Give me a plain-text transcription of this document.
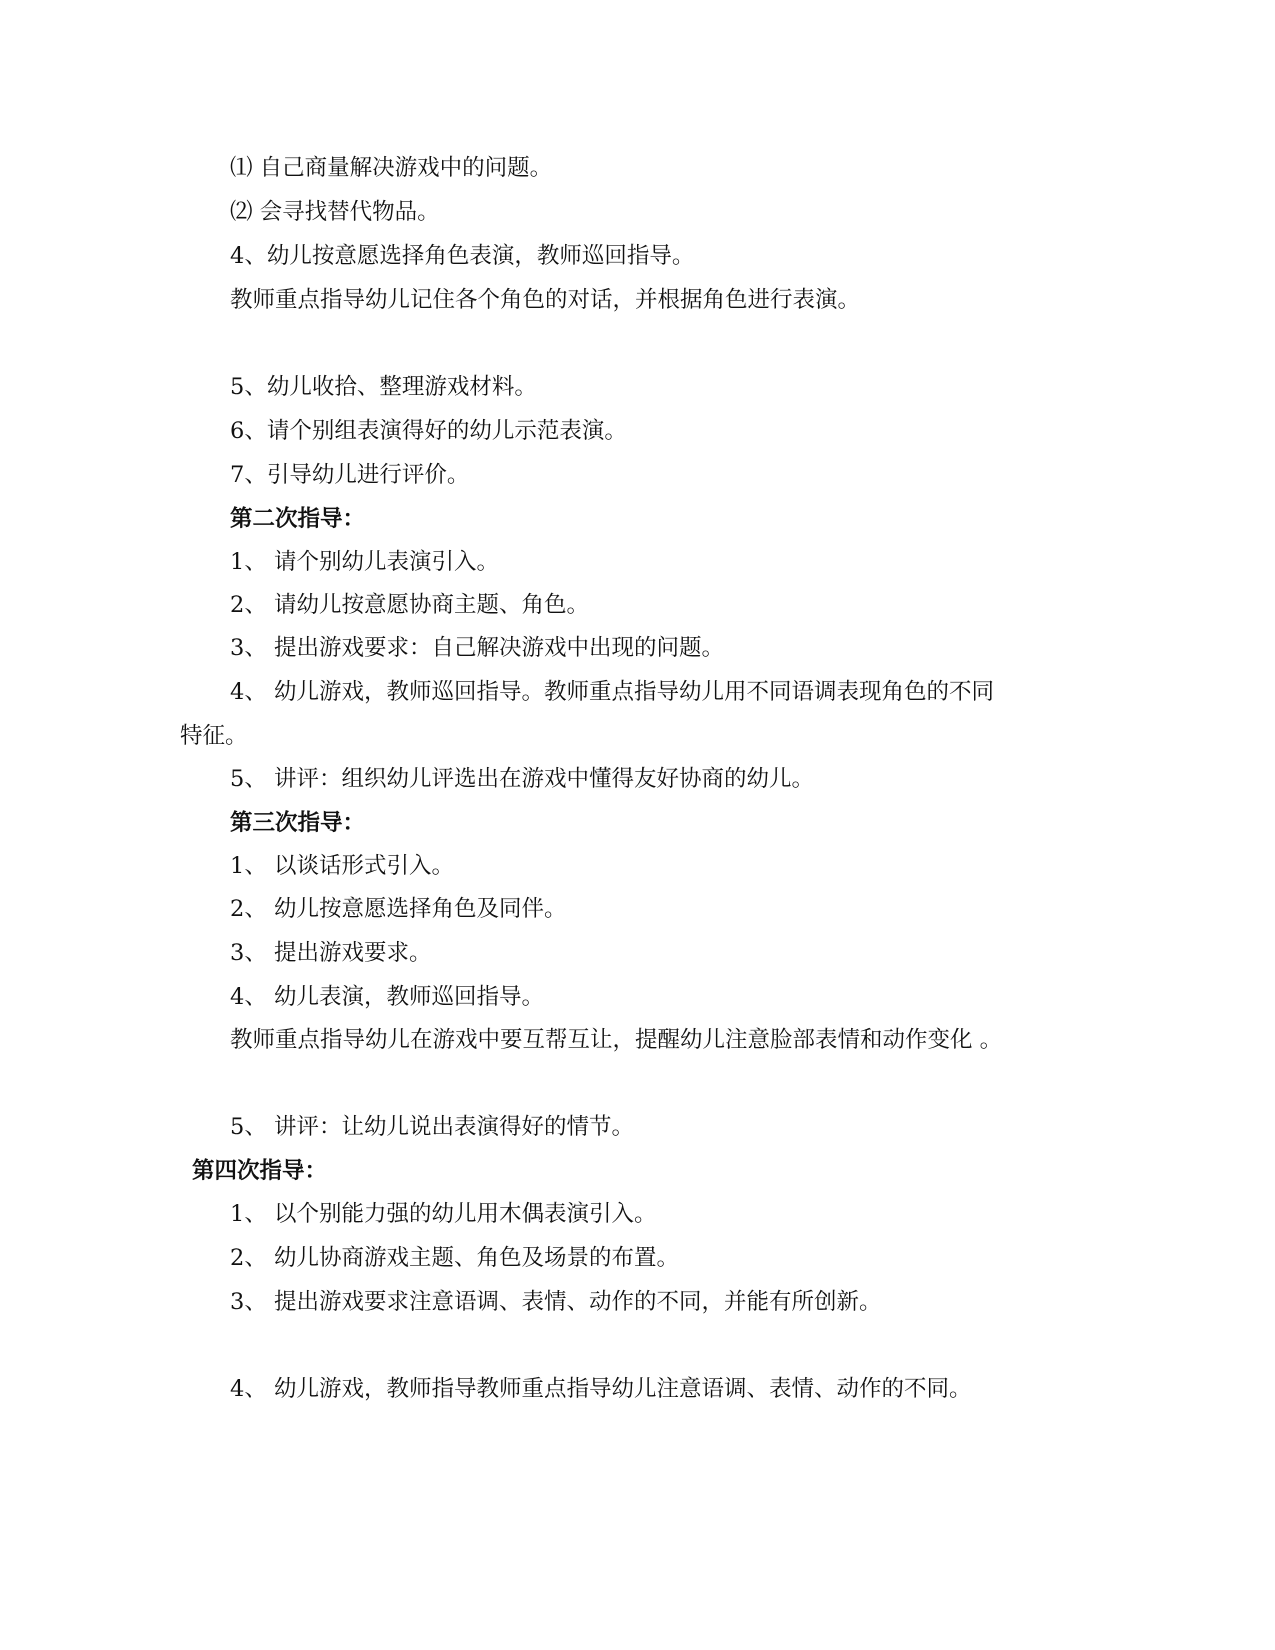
⑴ 自己商量解决游戏中的问题。
⑵ 会寻找替代物品。
4、幼儿按意愿选择角色表演，教师巡回指导。
教师重点指导幼儿记住各个角色的对话，并根据角色进行表演。
5、幼儿收拾、整理游戏材料。
6、请个别组表演得好的幼儿示范表演。
7、引导幼儿进行评价。
第二次指导：
1、 请个别幼儿表演引入。
2、 请幼儿按意愿协商主题、角色。
3、 提出游戏要求：自己解决游戏中出现的问题。
4、 幼儿游戏，教师巡回指导。教师重点指导幼儿用不同语调表现角色的不同
特征。
5、 讲评：组织幼儿评选出在游戏中懂得友好协商的幼儿。
第三次指导：
1、 以谈话形式引入。
2、 幼儿按意愿选择角色及同伴。
3、 提出游戏要求。
4、 幼儿表演，教师巡回指导。
教师重点指导幼儿在游戏中要互帮互让，提醒幼儿注意脸部表情和动作变化 。
5、 讲评：让幼儿说出表演得好的情节。
第四次指导：
1、 以个别能力强的幼儿用木偶表演引入。
2、 幼儿协商游戏主题、角色及场景的布置。
3、 提出游戏要求注意语调、表情、动作的不同，并能有所创新。
4、 幼儿游戏，教师指导教师重点指导幼儿注意语调、表情、动作的不同。
